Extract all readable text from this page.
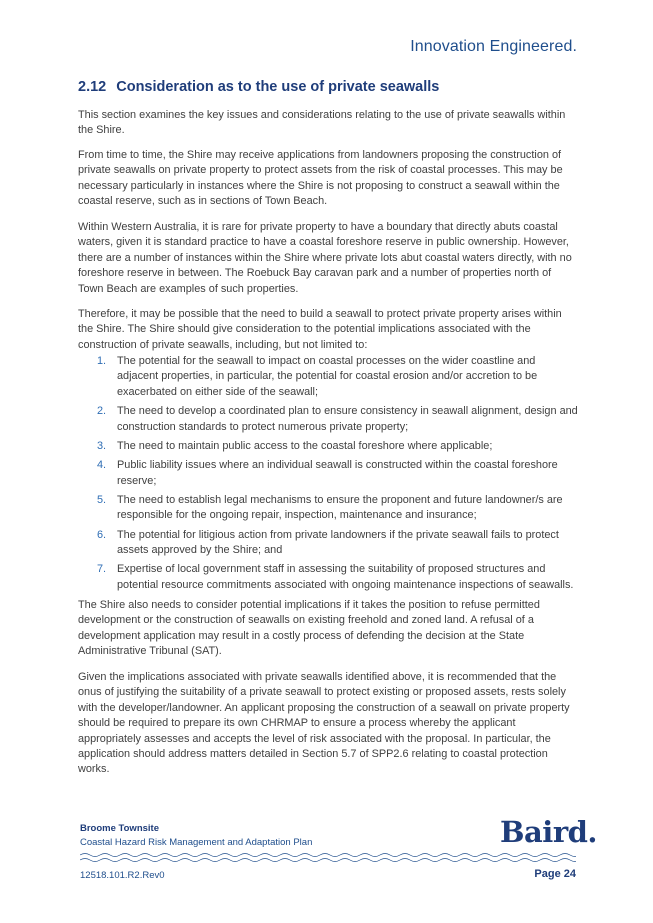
Innovation Engineered.
2.12 Consideration as to the use of private seawalls

This section examines the key issues and considerations relating to the use of private seawalls within the Shire.

From time to time, the Shire may receive applications from landowners proposing the construction of private seawalls on private property to protect assets from the risk of coastal processes. This may be necessary particularly in instances where the Shire is not proposing to construct a seawall within the coastal reserve, such as in sections of Town Beach.

Within Western Australia, it is rare for private property to have a boundary that directly abuts coastal waters, given it is standard practice to have a coastal foreshore reserve in public ownership. However, there are a number of instances within the Shire where private lots abut coastal waters directly, with no foreshore reserve in between. The Roebuck Bay caravan park and a number of properties north of Town Beach are examples of such properties.

Therefore, it may be possible that the need to build a seawall to protect private property arises within the Shire. The Shire should give consideration to the potential implications associated with the construction of private seawalls, including, but not limited to:

1. The potential for the seawall to impact on coastal processes on the wider coastline and adjacent properties, in particular, the potential for coastal erosion and/or accretion to be exacerbated on either side of the seawall;
2. The need to develop a coordinated plan to ensure consistency in seawall alignment, design and construction standards to protect numerous private property;
3. The need to maintain public access to the coastal foreshore where applicable;
4. Public liability issues where an individual seawall is constructed within the coastal foreshore reserve;
5. The need to establish legal mechanisms to ensure the proponent and future landowner/s are responsible for the ongoing repair, inspection, maintenance and insurance;
6. The potential for litigious action from private landowners if the private seawall fails to protect assets approved by the Shire; and
7. Expertise of local government staff in assessing the suitability of proposed structures and potential resource commitments associated with ongoing maintenance inspections of seawalls.

The Shire also needs to consider potential implications if it takes the position to refuse permitted development or the construction of seawalls on existing freehold and zoned land. A refusal of a development application may result in a costly process of defending the decision at the State Administrative Tribunal (SAT).

Given the implications associated with private seawalls identified above, it is recommended that the onus of justifying the suitability of a private seawall to protect existing or proposed assets, rests solely with the developer/landowner. An applicant proposing the construction of a seawall on private property should be required to prepare its own CHRMAP to ensure a process whereby the applicant appropriately assesses and accepts the level of risk associated with the proposal. In particular, the application should address matters detailed in Section 5.7 of SPP2.6 relating to coastal protection works.

Broome Townsite
Coastal Hazard Risk Management and Adaptation Plan	Baird.
12518.101.R2.Rev0	Page 24
